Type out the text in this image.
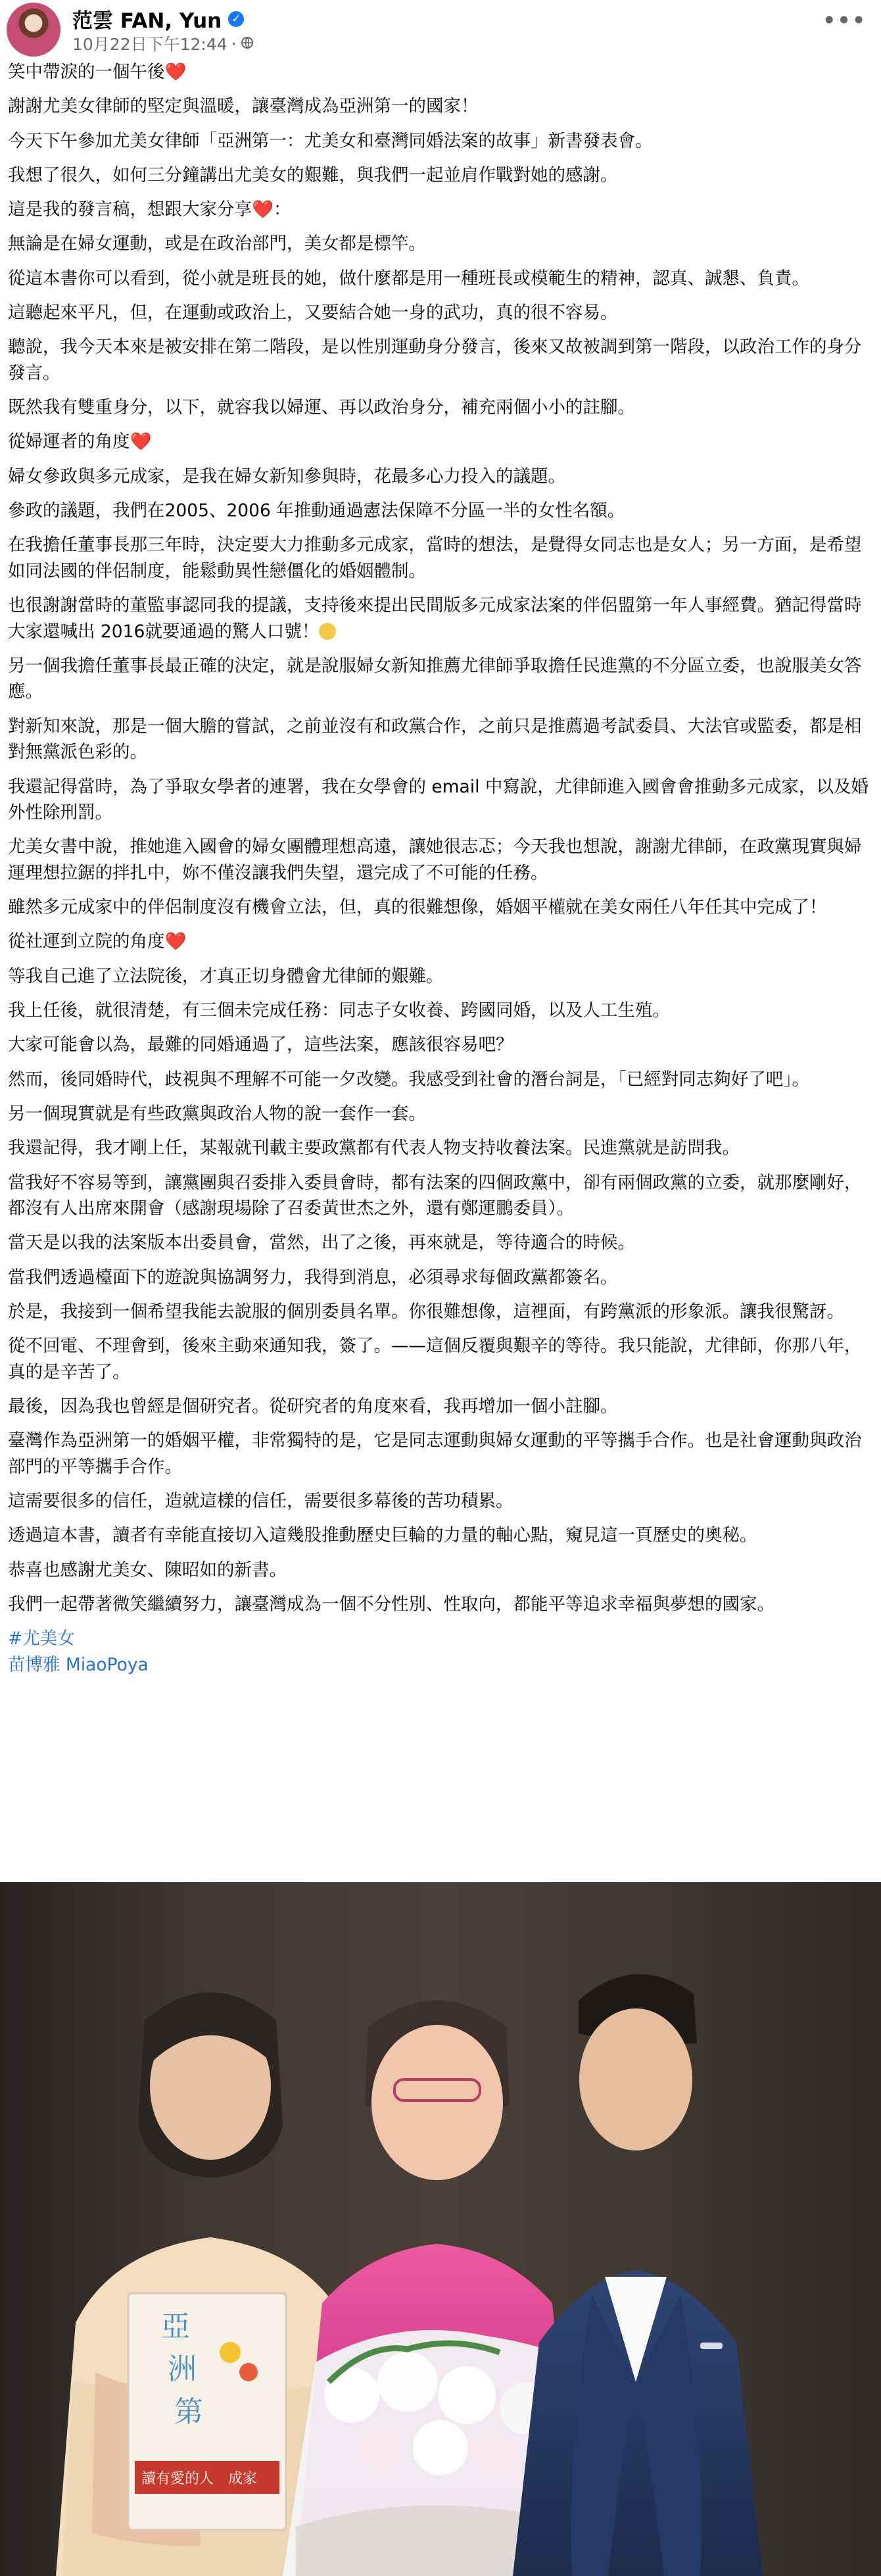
范雲 FAN, Yun ✓
10月22日下午12:44 ·
•••

笑中帶淚的一個午後❤️

謝謝尤美女律師的堅定與溫暖，讓臺灣成為亞洲第一的國家！

今天下午參加尤美女律師「亞洲第一：尤美女和臺灣同婚法案的故事」新書發表會。

我想了很久，如何三分鐘講出尤美女的艱難，與我們一起並肩作戰對她的感謝。

這是我的發言稿，想跟大家分享❤️：

無論是在婦女運動，或是在政治部門，美女都是標竿。

從這本書你可以看到，從小就是班長的她，做什麼都是用一種班長或模範生的精神，認真、誠懇、負責。

這聽起來平凡，但，在運動或政治上，又要結合她一身的武功，真的很不容易。

聽說，我今天本來是被安排在第二階段，是以性別運動身分發言，後來又故被調到第一階段，以政治工作的身分發言。

既然我有雙重身分，以下，就容我以婦運、再以政治身分，補充兩個小小的註腳。

從婦運者的角度❤️

婦女參政與多元成家，是我在婦女新知參與時，花最多心力投入的議題。

參政的議題，我們在2005、2006 年推動通過憲法保障不分區一半的女性名額。

在我擔任董事長那三年時，決定要大力推動多元成家，當時的想法，是覺得女同志也是女人；另一方面，是希望如同法國的伴侶制度，能鬆動異性戀僵化的婚姻體制。

也很謝謝當時的董監事認同我的提議，支持後來提出民間版多元成家法案的伴侶盟第一年人事經費。猶記得當時大家還喊出 2016就要通過的驚人口號！

另一個我擔任董事長最正確的決定，就是說服婦女新知推薦尤律師爭取擔任民進黨的不分區立委，也說服美女答應。

對新知來說，那是一個大膽的嘗試，之前並沒有和政黨合作，之前只是推薦過考試委員、大法官或監委，都是相對無黨派色彩的。

我還記得當時，為了爭取女學者的連署，我在女學會的 email 中寫說，尤律師進入國會會推動多元成家，以及婚外性除刑罰。

尤美女書中說，推她進入國會的婦女團體理想高遠，讓她很志忑；今天我也想說，謝謝尤律師，在政黨現實與婦運理想拉鋸的拌扎中，妳不僅沒讓我們失望，還完成了不可能的任務。

雖然多元成家中的伴侶制度沒有機會立法，但，真的很難想像，婚姻平權就在美女兩任八年任其中完成了！

從社運到立院的角度❤️

等我自己進了立法院後，才真正切身體會尤律師的艱難。

我上任後，就很清楚，有三個未完成任務：同志子女收養、跨國同婚，以及人工生殖。

大家可能會以為，最難的同婚通過了，這些法案，應該很容易吧？

然而，後同婚時代，歧視與不理解不可能一夕改變。我感受到社會的潛台詞是，「已經對同志夠好了吧」。

另一個現實就是有些政黨與政治人物的說一套作一套。

我還記得，我才剛上任，某報就刊載主要政黨都有代表人物支持收養法案。民進黨就是訪問我。

當我好不容易等到，讓黨團與召委排入委員會時，都有法案的四個政黨中，卻有兩個政黨的立委，就那麼剛好，都沒有人出席來開會（感謝現場除了召委黃世杰之外，還有鄭運鵬委員）。

當天是以我的法案版本出委員會，當然，出了之後，再來就是，等待適合的時候。

當我們透過檯面下的遊說與協調努力，我得到消息，必須尋求每個政黨都簽名。

於是，我接到一個希望我能去說服的個別委員名單。你很難想像，這裡面，有跨黨派的形象派。讓我很驚訝。

從不回電、不理會到，後來主動來通知我，簽了。——這個反覆與艱辛的等待。我只能說，尤律師，你那八年，真的是辛苦了。

最後，因為我也曾經是個研究者。從研究者的角度來看，我再增加一個小註腳。

臺灣作為亞洲第一的婚姻平權，非常獨特的是，它是同志運動與婦女運動的平等攜手合作。也是社會運動與政治部門的平等攜手合作。

這需要很多的信任，造就這樣的信任，需要很多幕後的苦功積累。

透過這本書，讀者有幸能直接切入這幾股推動歷史巨輪的力量的軸心點，窺見這一頁歷史的奧秘。

恭喜也感謝尤美女、陳昭如的新書。

我們一起帶著微笑繼續努力，讓臺灣成為一個不分性別、性取向，都能平等追求幸福與夢想的國家。

#尤美女
苗博雅 MiaoPoya
亞
洲
第
讀有愛的人　成家
